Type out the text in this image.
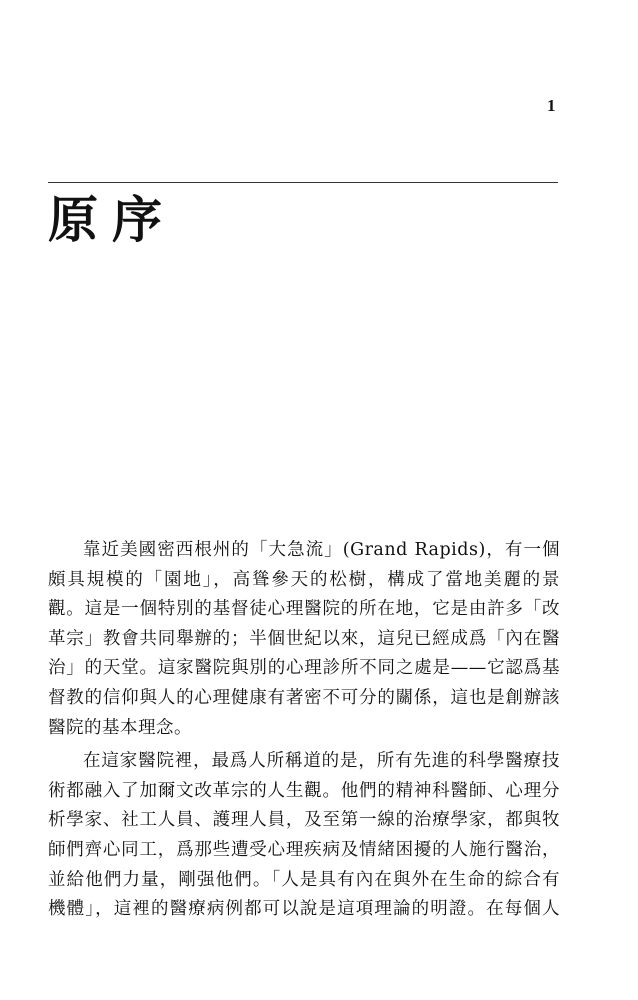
1
原序
靠近美國密西根州的「大急流」(Grand Rapids)，有一個
頗具規模的「園地」，高聳參天的松樹，構成了當地美麗的景
觀。這是一個特別的基督徒心理醫院的所在地，它是由許多「改
革宗」教會共同舉辦的；半個世紀以來，這兒已經成爲「內在醫
治」的天堂。這家醫院與別的心理診所不同之處是——它認爲基
督教的信仰與人的心理健康有著密不可分的關係，這也是創辦該
醫院的基本理念。
在這家醫院裡，最爲人所稱道的是，所有先進的科學醫療技
術都融入了加爾文改革宗的人生觀。他們的精神科醫師、心理分
析學家、社工人員、護理人員，及至第一線的治療學家，都與牧
師們齊心同工，爲那些遭受心理疾病及情緒困擾的人施行醫治，
並給他們力量，剛强他們。「人是具有內在與外在生命的綜合有
機體」，這裡的醫療病例都可以說是這項理論的明證。在每個人
